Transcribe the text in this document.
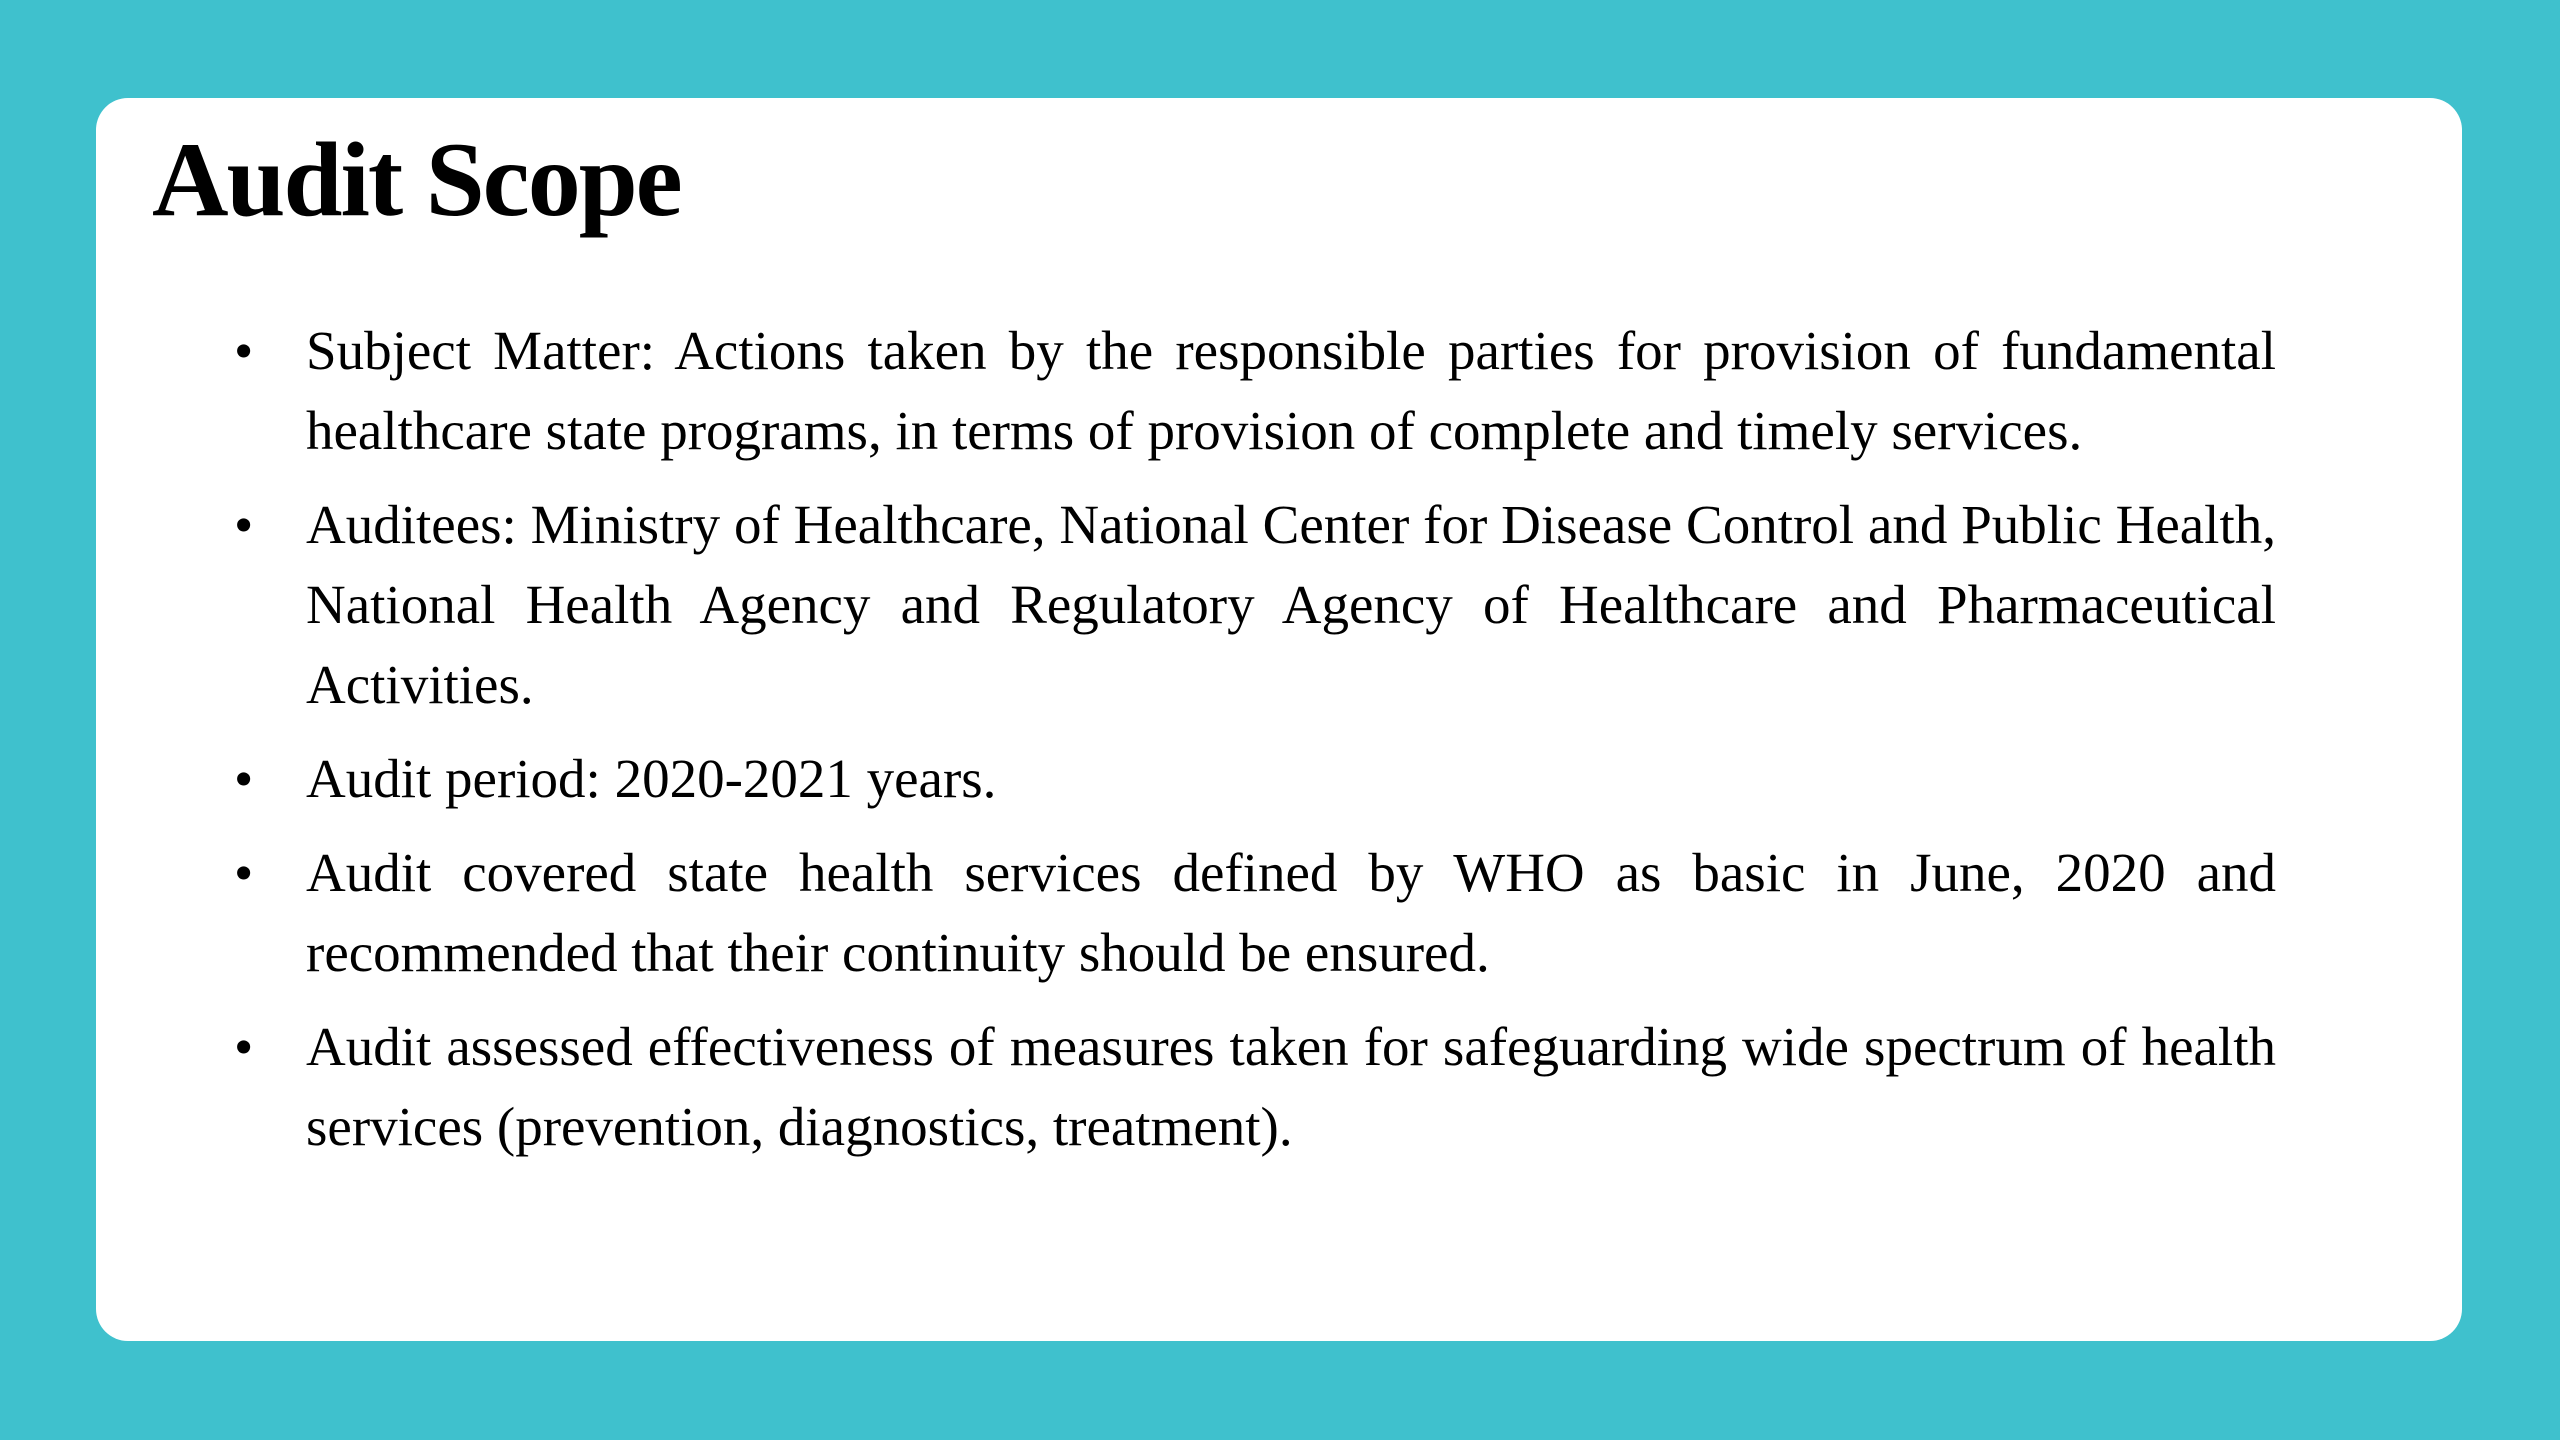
Audit Scope
• Subject Matter: Actions taken by the responsible parties for provision of fundamental healthcare state programs, in terms of provision of complete and timely services.
• Auditees: Ministry of Healthcare, National Center for Disease Control and Public Health, National Health Agency and Regulatory Agency of Healthcare and Pharmaceutical Activities.
• Audit period: 2020-2021 years.
• Audit covered state health services defined by WHO as basic in June, 2020 and recommended that their continuity should be ensured.
• Audit assessed effectiveness of measures taken for safeguarding wide spectrum of health services (prevention, diagnostics, treatment).
